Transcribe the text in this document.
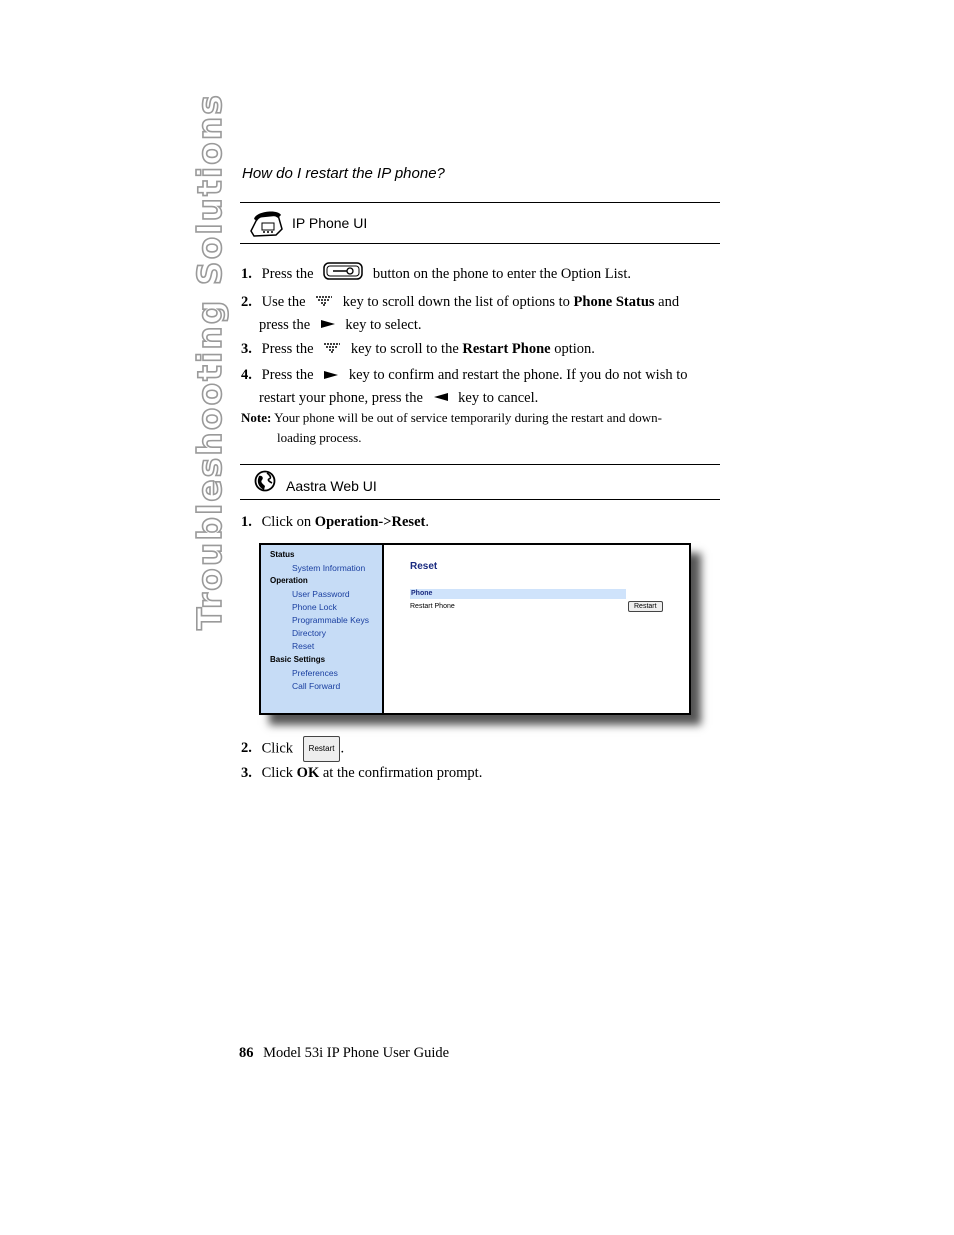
Troubleshooting Solutions How do I restart the IP phone?
IP Phone UI
1. Press the	button on the phone to enter the Option List.
2. Use the	key to scroll down the list of options to Phone Status and
press the key to select.
3. Press the	key to scroll to the Restart Phone option.
4. Press the key to confirm and restart the phone. If you do not wish to
restart your phone, press the key to cancel.
Note: Your phone will be out of service temporarily during the restart and down-
loading process.
Aastra Web UI
1. Click on Operation->Reset.
Status
System Information
Operation
User Password
Phone Lock
Programmable Keys
Directory
Reset
Basic Settings
Preferences
Call Forward
Reset
Phone
Restart Phone	Restart
2. Click Restart .
3. Click OK at the confirmation prompt.
86 Model 53i IP Phone User Guide
